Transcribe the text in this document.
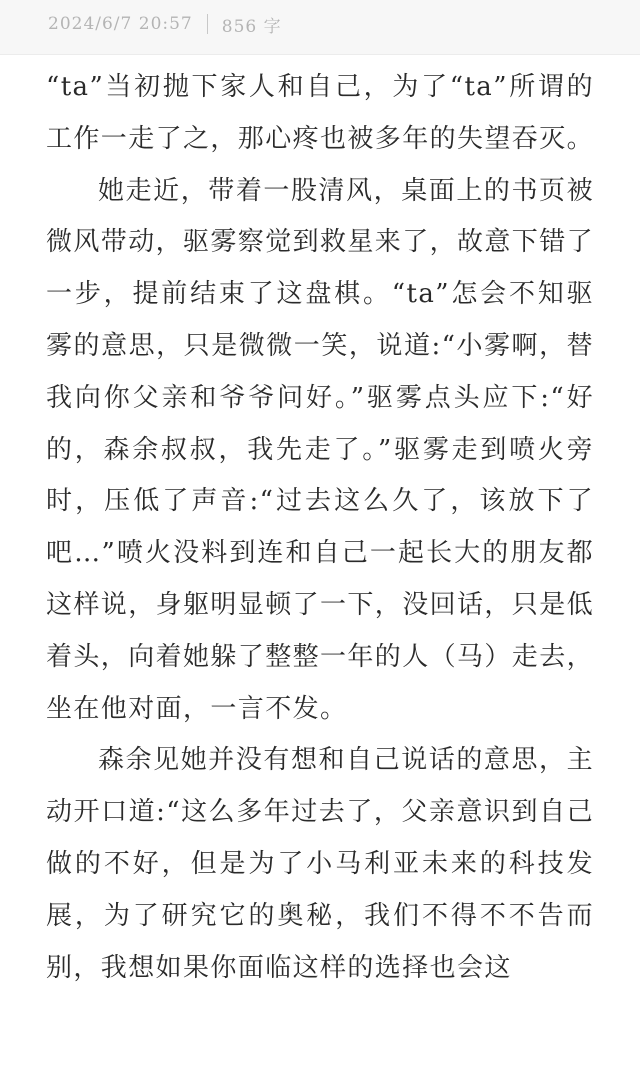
2024/6/7 20:57 856 字

“ta”当初抛下家人和自己，为了“ta”所谓的工作一走了之，那心疼也被多年的失望吞灭。

她走近，带着一股清风，桌面上的书页被微风带动，驱雾察觉到救星来了，故意下错了一步，提前结束了这盘棋。“ta”怎会不知驱雾的意思，只是微微一笑，说道:“小雾啊，替我向你父亲和爷爷问好。”驱雾点头应下:“好的，森余叔叔，我先走了。”驱雾走到喷火旁时，压低了声音:“过去这么久了，该放下了吧…”喷火没料到连和自己一起长大的朋友都这样说，身躯明显顿了一下，没回话，只是低着头，向着她躲了整整一年的人（马）走去，坐在他对面，一言不发。

森余见她并没有想和自己说话的意思，主动开口道:“这么多年过去了，父亲意识到自己做的不好，但是为了小马利亚未来的科技发展，为了研究它的奥秘，我们不得不不告而别，我想如果你面临这样的选择也会这
